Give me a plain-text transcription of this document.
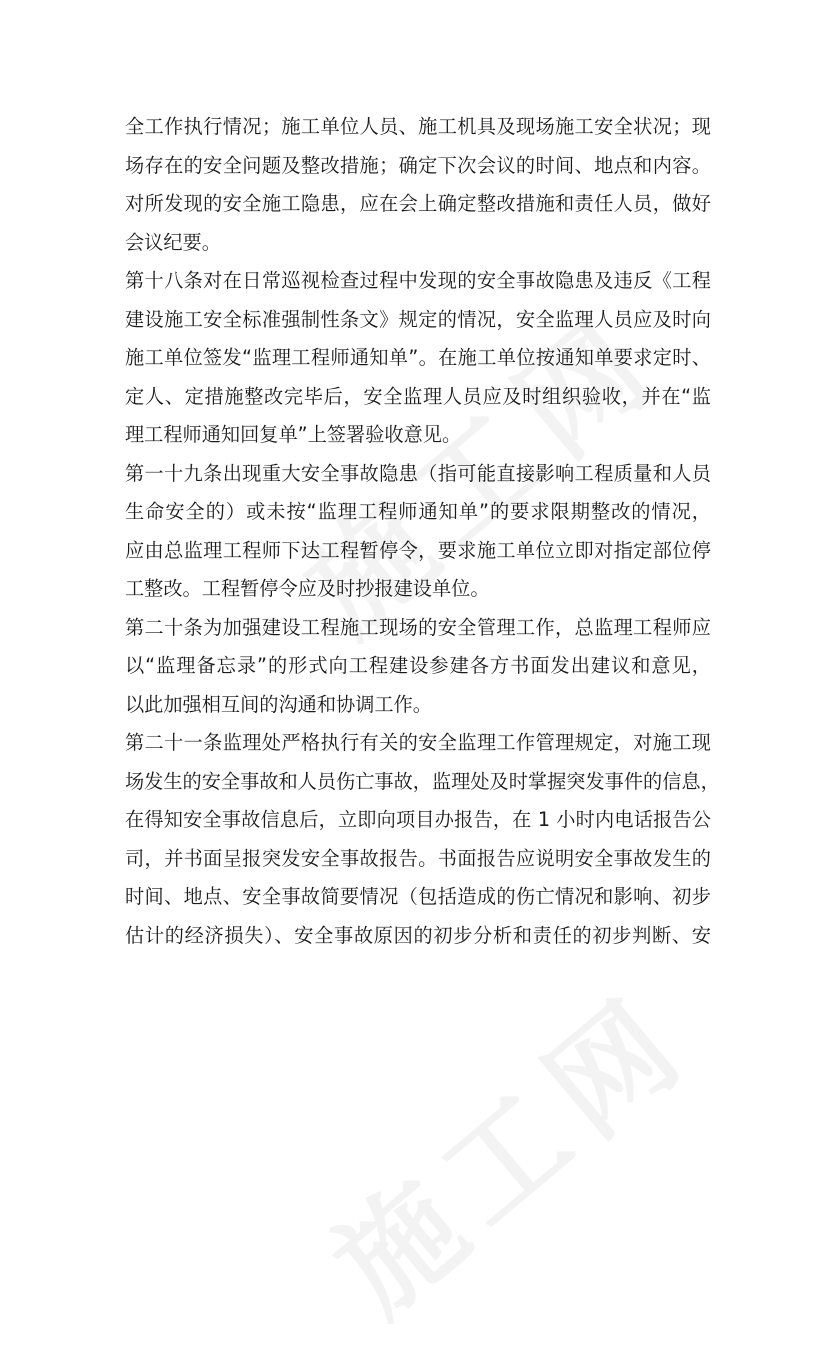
全工作执行情况；施工单位人员、施工机具及现场施工安全状况；现
场存在的安全问题及整改措施；确定下次会议的时间、地点和内容。
对所发现的安全施工隐患，应在会上确定整改措施和责任人员，做好
会议纪要。
第十八条对在日常巡视检查过程中发现的安全事故隐患及违反《工程
建设施工安全标准强制性条文》规定的情况，安全监理人员应及时向
施工单位签发“监理工程师通知单”。在施工单位按通知单要求定时、
定人、定措施整改完毕后，安全监理人员应及时组织验收，并在“监
理工程师通知回复单”上签署验收意见。
第一十九条出现重大安全事故隐患（指可能直接影响工程质量和人员
生命安全的）或未按“监理工程师通知单”的要求限期整改的情况，
应由总监理工程师下达工程暂停令，要求施工单位立即对指定部位停
工整改。工程暂停令应及时抄报建设单位。
第二十条为加强建设工程施工现场的安全管理工作，总监理工程师应
以“监理备忘录”的形式向工程建设参建各方书面发出建议和意见，
以此加强相互间的沟通和协调工作。
第二十一条监理处严格执行有关的安全监理工作管理规定，对施工现
场发生的安全事故和人员伤亡事故，监理处及时掌握突发事件的信息，
在得知安全事故信息后，立即向项目办报告，在 1 小时内电话报告公
司，并书面呈报突发安全事故报告。书面报告应说明安全事故发生的
时间、地点、安全事故简要情况（包括造成的伤亡情况和影响、初步
估计的经济损失）、安全事故原因的初步分析和责任的初步判断、安
